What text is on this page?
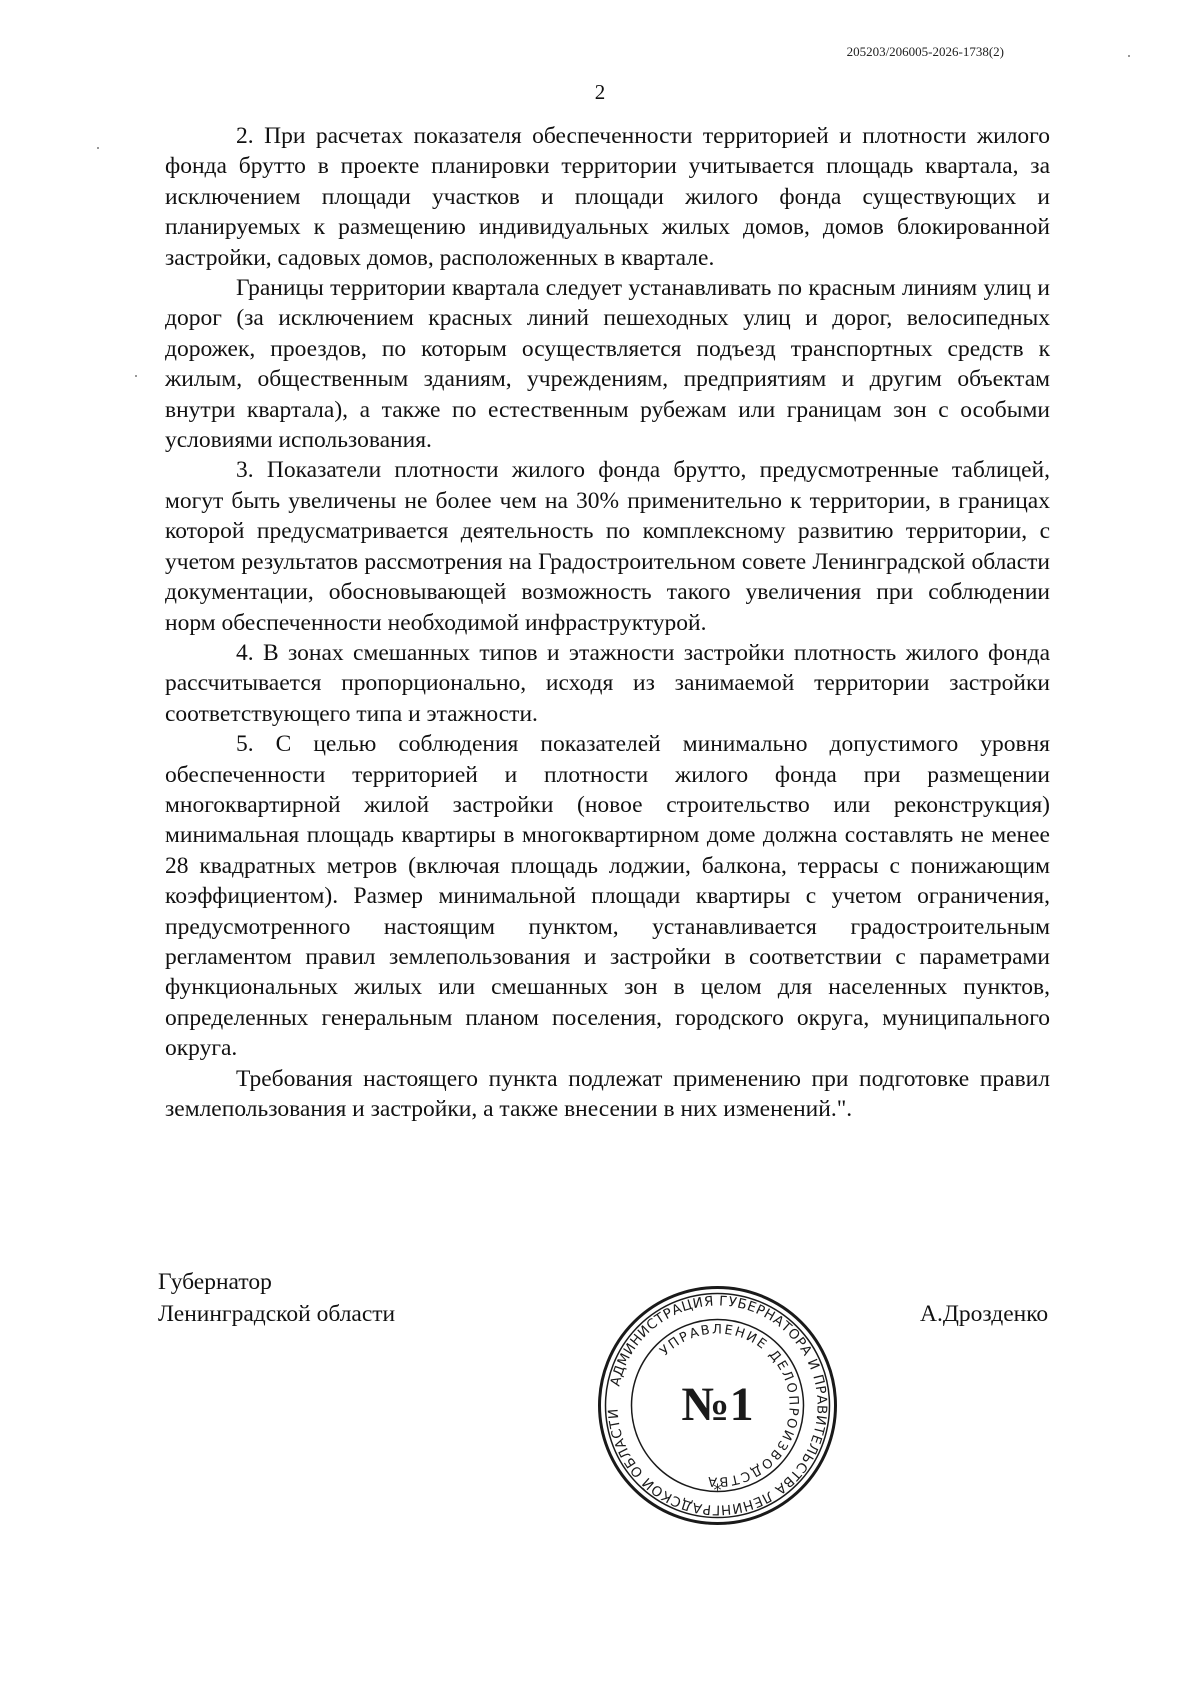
205203/206005-2026-1738(2)
2

2. При расчетах показателя обеспеченности территорией и плотности жилого фонда брутто в проекте планировки территории учитывается площадь квартала, за исключением площади участков и площади жилого фонда существующих и планируемых к размещению индивидуальных жилых домов, домов блокированной застройки, садовых домов, расположенных в квартале.

Границы территории квартала следует устанавливать по красным линиям улиц и дорог (за исключением красных линий пешеходных улиц и дорог, велосипедных дорожек, проездов, по которым осуществляется подъезд транспортных средств к жилым, общественным зданиям, учреждениям, предприятиям и другим объектам внутри квартала), а также по естественным рубежам или границам зон с особыми условиями использования.

3. Показатели плотности жилого фонда брутто, предусмотренные таблицей, могут быть увеличены не более чем на 30% применительно к территории, в границах которой предусматривается деятельность по комплексному развитию территории, с учетом результатов рассмотрения на Градостроительном совете Ленинградской области документации, обосновывающей возможность такого увеличения при соблюдении норм обеспеченности необходимой инфраструктурой.

4. В зонах смешанных типов и этажности застройки плотность жилого фонда рассчитывается пропорционально, исходя из занимаемой территории застройки соответствующего типа и этажности.

5. С целью соблюдения показателей минимально допустимого уровня обеспеченности территорией и плотности жилого фонда при размещении многоквартирной жилой застройки (новое строительство или реконструкция) минимальная площадь квартиры в многоквартирном доме должна составлять не менее 28 квадратных метров (включая площадь лоджии, балкона, террасы с понижающим коэффициентом). Размер минимальной площади квартиры с учетом ограничения, предусмотренного настоящим пунктом, устанавливается градостроительным регламентом правил землепользования и застройки в соответствии с параметрами функциональных жилых или смешанных зон в целом для населенных пунктов, определенных генеральным планом поселения, городского округа, муниципального округа.

Требования настоящего пункта подлежат применению при подготовке правил землепользования и застройки, а также внесении в них изменений.".

Губернатор
Ленинградской области	А.Дрозденко
АДМИНИСТРАЦИЯ ГУБЕРНАТОРА И ПРАВИТЕЛЬСТВА ЛЕНИНГРАДСКОЙ ОБЛАСТИ
УПРАВЛЕНИЕ ДЕЛОПРОИЗВОДСТВА
№1
*
